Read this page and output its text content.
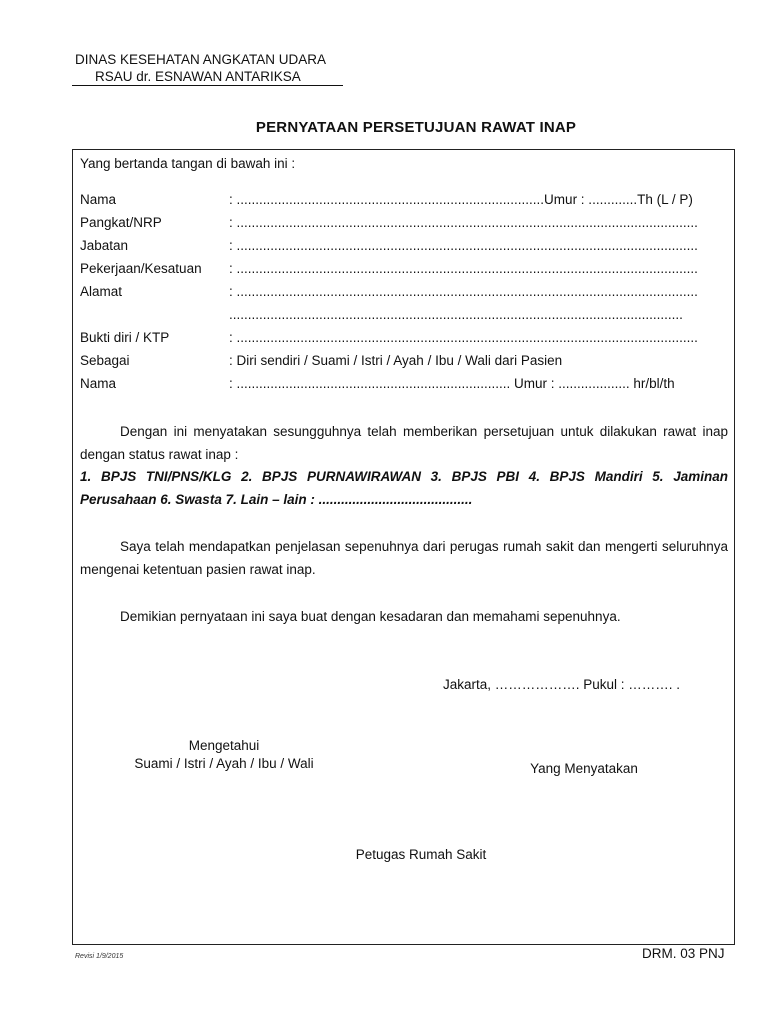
DINAS KESEHATAN ANGKATAN UDARA
RSAU dr. ESNAWAN ANTARIKSA
PERNYATAAN PERSETUJUAN RAWAT INAP
Yang bertanda tangan di bawah ini :
Nama	: ..................................................................................Umur : .............Th (L / P)
Pangkat/NRP	: ...........................................................................................................................
Jabatan	: ...........................................................................................................................
Pekerjaan/Kesatuan : ...........................................................................................................................
Alamat	: ...........................................................................................................................
.........................................................................................................................
Bukti diri / KTP	: ...........................................................................................................................
Sebagai	: Diri sendiri / Suami / Istri / Ayah / Ibu / Wali dari Pasien
Nama	: ......................................................................... Umur : ................... hr/bl/th
Dengan ini menyatakan sesungguhnya telah memberikan persetujuan untuk dilakukan rawat inap dengan status rawat inap :
1. BPJS TNI/PNS/KLG 2. BPJS PURNAWIRAWAN 3. BPJS PBI 4. BPJS Mandiri 5. Jaminan Perusahaan 6. Swasta 7. Lain – lain : .........................................
Saya telah mendapatkan penjelasan sepenuhnya dari perugas rumah sakit dan mengerti seluruhnya mengenai ketentuan pasien rawat inap.
Demikian pernyataan ini saya buat dengan kesadaran dan memahami sepenuhnya.
Jakarta, ………………. Pukul : ………. .
Mengetahui
Suami / Istri / Ayah / Ibu / Wali	Yang Menyatakan
Petugas Rumah Sakit
Revisi 1/9/2015	DRM. 03 PNJ
